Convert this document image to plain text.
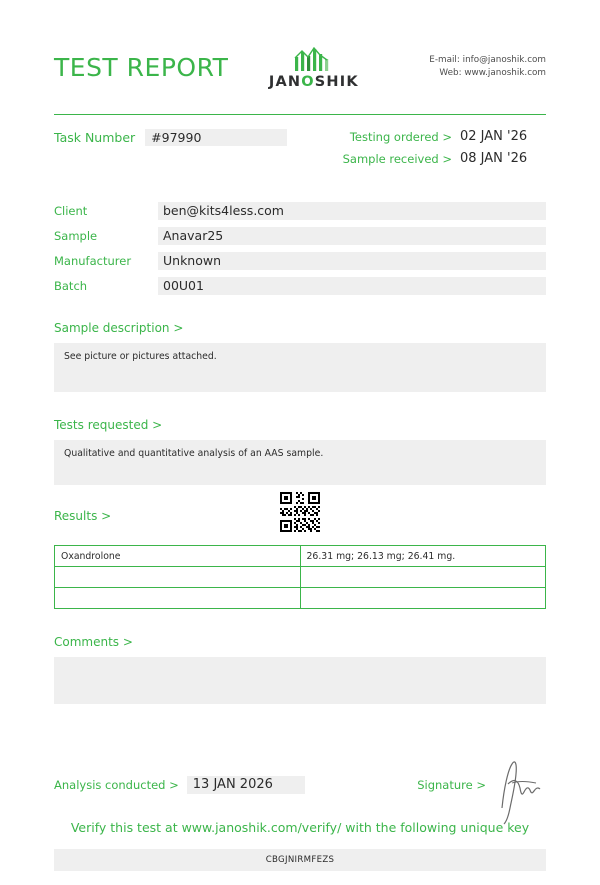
TEST REPORT	JANOSHIK
E-mail: info@janoshik.com
Web: www.janoshik.com
Task Number	#97990	Testing ordered > 02 JAN '26
Sample received > 08 JAN '26
Client	ben@kits4less.com
Sample	Anavar25
Manufacturer	Unknown
Batch	00U01
Sample description >
See picture or pictures attached.
Tests requested >
Qualitative and quantitative analysis of an AAS sample.
Results >
Oxandrolone	26.31 mg; 26.13 mg; 26.41 mg.

Comments >
Analysis conducted >	13 JAN 2026	Signature >
Verify this test at www.janoshik.com/verify/ with the following unique key
CBGJNIRMFEZS
